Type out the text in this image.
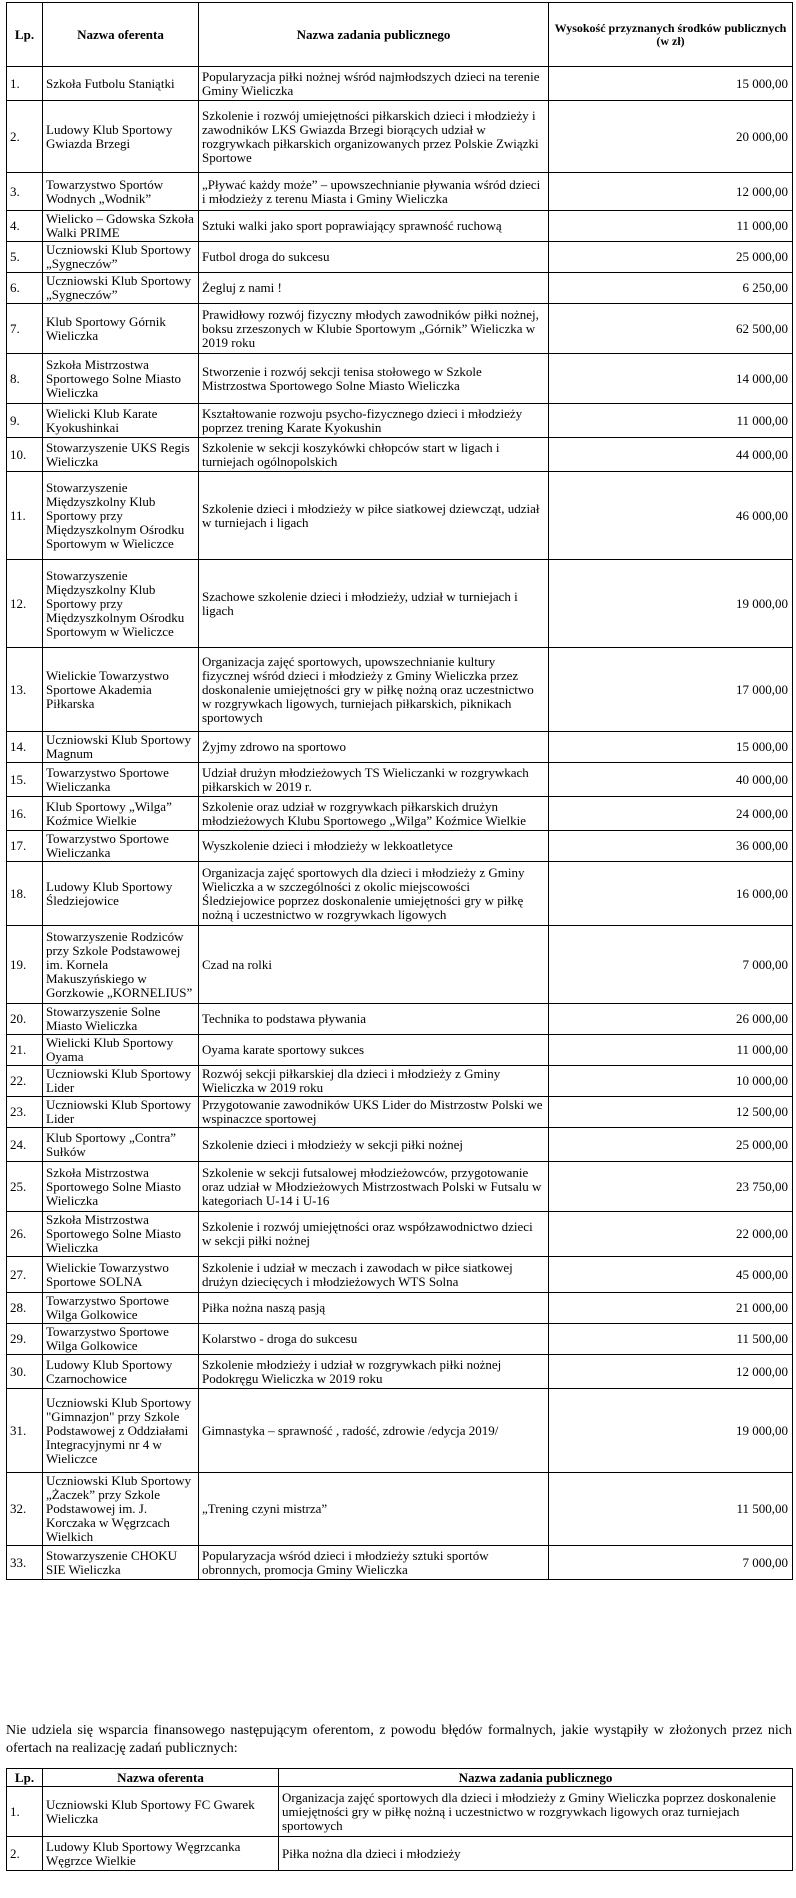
Lp.	Nazwa oferenta	Nazwa zadania publicznego	Wysokość przyznanych środków publicznych (w zł)
1.	Szkoła Futbolu Staniątki	Popularyzacja piłki nożnej wśród najmłodszych dzieci na terenie Gminy Wieliczka	15 000,00
2.	Ludowy Klub Sportowy Gwiazda Brzegi	Szkolenie i rozwój umiejętności piłkarskich dzieci i młodzieży i zawodników LKS Gwiazda Brzegi biorących udział w rozgrywkach piłkarskich organizowanych przez Polskie Związki Sportowe	20 000,00
3.	Towarzystwo Sportów Wodnych „Wodnik”	„Pływać każdy może” – upowszechnianie pływania wśród dzieci i młodzieży z terenu Miasta i Gminy Wieliczka	12 000,00
4.	Wielicko – Gdowska Szkoła Walki PRIME	Sztuki walki jako sport poprawiający sprawność ruchową	11 000,00
5.	Uczniowski Klub Sportowy „Sygneczów”	Futbol droga do sukcesu	25 000,00
6.	Uczniowski Klub Sportowy „Sygneczów”	Żegluj z nami !	6 250,00
7.	Klub Sportowy Górnik Wieliczka	Prawidłowy rozwój fizyczny młodych zawodników piłki nożnej, boksu zrzeszonych w Klubie Sportowym „Górnik” Wieliczka w 2019 roku	62 500,00
8.	Szkoła Mistrzostwa Sportowego Solne Miasto Wieliczka	Stworzenie i rozwój sekcji tenisa stołowego w Szkole Mistrzostwa Sportowego Solne Miasto Wieliczka	14 000,00
9.	Wielicki Klub Karate Kyokushinkai	Kształtowanie rozwoju psycho-fizycznego dzieci i młodzieży poprzez trening Karate Kyokushin	11 000,00
10.	Stowarzyszenie UKS Regis Wieliczka	Szkolenie w sekcji koszykówki chłopców start w ligach i turniejach ogólnopolskich	44 000,00
11.	Stowarzyszenie Międzyszkolny Klub Sportowy przy Międzyszkolnym Ośrodku Sportowym w Wieliczce	Szkolenie dzieci i młodzieży w piłce siatkowej dziewcząt, udział w turniejach i ligach	46 000,00
12.	Stowarzyszenie Międzyszkolny Klub Sportowy przy Międzyszkolnym Ośrodku Sportowym w Wieliczce	Szachowe szkolenie dzieci i młodzieży, udział w turniejach i ligach	19 000,00
13.	Wielickie Towarzystwo Sportowe Akademia Piłkarska	Organizacja zajęć sportowych, upowszechnianie kultury fizycznej wśród dzieci i młodzieży z Gminy Wieliczka przez doskonalenie umiejętności gry w piłkę nożną oraz uczestnictwo w rozgrywkach ligowych, turniejach piłkarskich, piknikach sportowych	17 000,00
14.	Uczniowski Klub Sportowy Magnum	Żyjmy zdrowo na sportowo	15 000,00
15.	Towarzystwo Sportowe Wieliczanka	Udział drużyn młodzieżowych TS Wieliczanki w rozgrywkach piłkarskich w 2019 r.	40 000,00
16.	Klub Sportowy „Wilga” Koźmice Wielkie	Szkolenie oraz udział w rozgrywkach piłkarskich drużyn młodzieżowych Klubu Sportowego „Wilga” Koźmice Wielkie	24 000,00
17.	Towarzystwo Sportowe Wieliczanka	Wyszkolenie dzieci i młodzieży w lekkoatletyce	36 000,00
18.	Ludowy Klub Sportowy Śledziejowice	Organizacja zajęć sportowych dla dzieci i młodzieży z Gminy Wieliczka a w szczególności z okolic miejscowości Śledziejowice poprzez doskonalenie umiejętności gry w piłkę nożną i uczestnictwo w rozgrywkach ligowych	16 000,00
19.	Stowarzyszenie Rodziców przy Szkole Podstawowej im. Kornela Makuszyńskiego w Gorzkowie „KORNELIUS”	Czad na rolki	7 000,00
20.	Stowarzyszenie Solne Miasto Wieliczka	Technika to podstawa pływania	26 000,00
21.	Wielicki Klub Sportowy Oyama	Oyama karate sportowy sukces	11 000,00
22.	Uczniowski Klub Sportowy Lider	Rozwój sekcji piłkarskiej dla dzieci i młodzieży z Gminy Wieliczka w 2019 roku	10 000,00
23.	Uczniowski Klub Sportowy Lider	Przygotowanie zawodników UKS Lider do Mistrzostw Polski we wspinaczce sportowej	12 500,00
24.	Klub Sportowy „Contra” Sułków	Szkolenie dzieci i młodzieży w sekcji piłki nożnej	25 000,00
25.	Szkoła Mistrzostwa Sportowego Solne Miasto Wieliczka	Szkolenie w sekcji futsalowej młodzieżowców, przygotowanie oraz udział w Młodzieżowych Mistrzostwach Polski w Futsalu w kategoriach U-14 i U-16	23 750,00
26.	Szkoła Mistrzostwa Sportowego Solne Miasto Wieliczka	Szkolenie i rozwój umiejętności oraz współzawodnictwo dzieci w sekcji piłki nożnej	22 000,00
27.	Wielickie Towarzystwo Sportowe SOLNA	Szkolenie i udział w meczach i zawodach w piłce siatkowej drużyn dziecięcych i młodzieżowych WTS Solna	45 000,00
28.	Towarzystwo Sportowe Wilga Golkowice	Piłka nożna naszą pasją	21 000,00
29.	Towarzystwo Sportowe Wilga Golkowice	Kolarstwo - droga do sukcesu	11 500,00
30.	Ludowy Klub Sportowy Czarnochowice	Szkolenie młodzieży i udział w rozgrywkach piłki nożnej Podokręgu Wieliczka w 2019 roku	12 000,00
31.	Uczniowski Klub Sportowy "Gimnazjon" przy Szkole Podstawowej z Oddziałami Integracyjnymi nr 4 w Wieliczce	Gimnastyka – sprawność , radość, zdrowie /edycja 2019/	19 000,00
32.	Uczniowski Klub Sportowy „Żaczek” przy Szkole Podstawowej im. J. Korczaka w Węgrzcach Wielkich	„Trening czyni mistrza”	11 500,00
33.	Stowarzyszenie CHOKU SIE Wieliczka	Popularyzacja wśród dzieci i młodzieży sztuki sportów obronnych, promocja Gminy Wieliczka	7 000,00
Nie udziela się wsparcia finansowego następującym oferentom, z powodu błędów formalnych, jakie wystąpiły w złożonych przez nich ofertach na realizację zadań publicznych:
Lp.	Nazwa oferenta	Nazwa zadania publicznego
1.	Uczniowski Klub Sportowy FC Gwarek Wieliczka	Organizacja zajęć sportowych dla dzieci i młodzieży z Gminy Wieliczka poprzez doskonalenie umiejętności gry w piłkę nożną i uczestnictwo w rozgrywkach ligowych oraz turniejach sportowych
2.	Ludowy Klub Sportowy Węgrzcanka Węgrzce Wielkie	Piłka nożna dla dzieci i młodzieży
